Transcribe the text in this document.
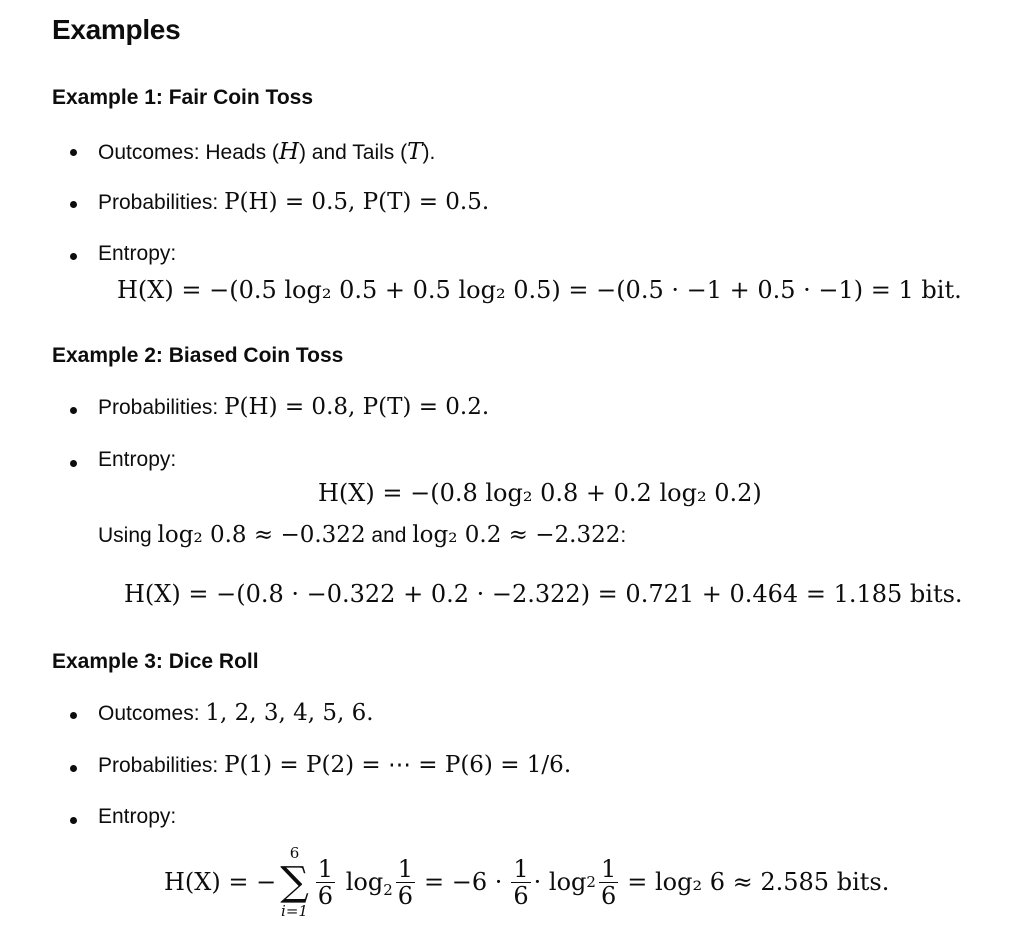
Examples
Example 1: Fair Coin Toss
Outcomes: Heads (H) and Tails (T).
Probabilities: P(H) = 0.5, P(T) = 0.5.
Entropy:
H(X) = −(0.5 log₂ 0.5 + 0.5 log₂ 0.5) = −(0.5 · −1 + 0.5 · −1) = 1 bit.
Example 2: Biased Coin Toss
Probabilities: P(H) = 0.8, P(T) = 0.2.
Entropy:
H(X) = −(0.8 log₂ 0.8 + 0.2 log₂ 0.2)
Using log₂ 0.8 ≈ −0.322 and log₂ 0.2 ≈ −2.322:
H(X) = −(0.8 · −0.322 + 0.2 · −2.322) = 0.721 + 0.464 = 1.185 bits.
Example 3: Dice Roll
Outcomes: 1, 2, 3, 4, 5, 6.
Probabilities: P(1) = P(2) = ⋯ = P(6) = 1/6.
Entropy:
H(X) = −
6
∑
i=1
$\frac{1}{6} \log_2 \frac{1}{6} = -6 \cdot \frac{1}{6} \cdot \log 2 \frac{1}{6} = \log_2$ 6 ≈ 2.585 bits.
